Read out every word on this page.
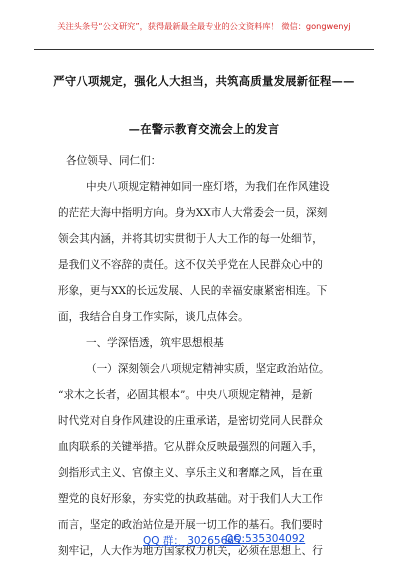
关注头条号“公文研究”，获得最新最全最专业的公文资料库！ 微信：gongwenyj
严守八项规定，强化人大担当，共筑高质量发展新征程——
—在警示教育交流会上的发言
各位领导、同仁们：
中央八项规定精神如同一座灯塔，为我们在作风建设
的茫茫大海中指明方向。身为XX市人大常委会一员，深刻
领会其内涵，并将其切实贯彻于人大工作的每一处细节，
是我们义不容辞的责任。这不仅关乎党在人民群众心中的
形象，更与XX的长远发展、人民的幸福安康紧密相连。下
面，我结合自身工作实际，谈几点体会。
一、学深悟透，筑牢思想根基
（一）深刻领会八项规定精神实质，坚定政治站位。
“求木之长者，必固其根本”。中央八项规定精神，是新
时代党对自身作风建设的庄重承诺，是密切党同人民群众
血肉联系的关键举措。它从群众反映最强烈的问题入手，
剑指形式主义、官僚主义、享乐主义和奢靡之风，旨在重
塑党的良好形象，夯实党的执政基础。对于我们人大工作
而言，坚定的政治站位是开展一切工作的基石。我们要时
刻牢记，人大作为地方国家权力机关，必须在思想上、行
QQ 群： 30265665
QQ:535304092
